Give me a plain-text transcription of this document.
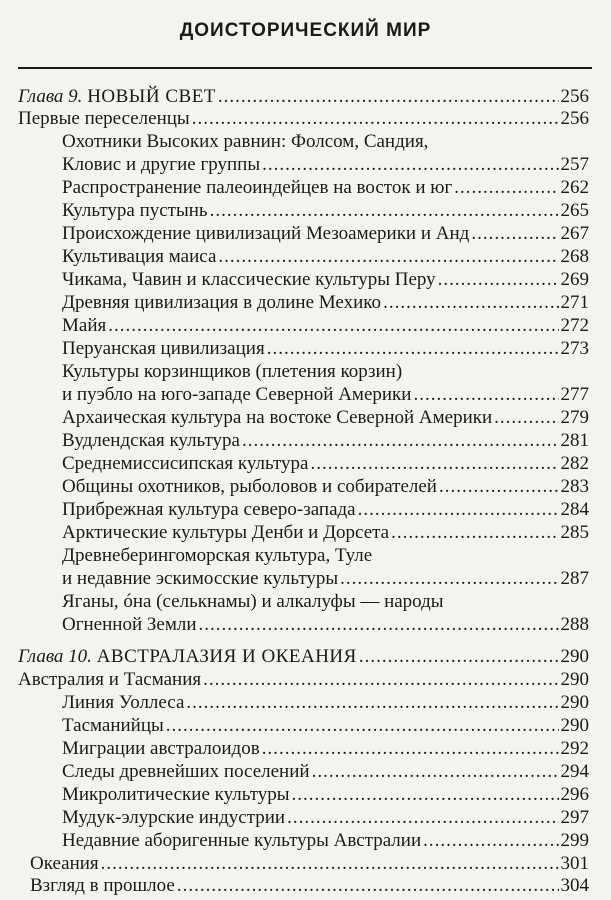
ДОИСТОРИЧЕСКИЙ МИР
Глава 9. НОВЫЙ СВЕТ .....	256
Первые переселенцы .....	256
Охотники Высоких равнин: Фолсом, Сандия,
Кловис и другие группы .....	257
Распространение палеоиндейцев на восток и юг .....	262
Культура пустынь .....	265
Происхождение цивилизаций Мезоамерики и Анд .....	267
Культивация маиса .....	268
Чикама, Чавин и классические культуры Перу .....	269
Древняя цивилизация в долине Мехико .....	271
Майя .....	272
Перуанская цивилизация .....	273
Культуры корзинщиков (плетения корзин)
и пуэбло на юго-западе Северной Америки .....	277
Архаическая культура на востоке Северной Америки .....	279
Вудлендская культура .....	281
Среднемиссисипская культура .....	282
Общины охотников, рыболовов и собирателей .....	283
Прибрежная культура северо-запада .....	284
Арктические культуры Денби и Дорсета .....	285
Древнеберингоморская культура, Туле
и недавние эскимосские культуры .....	287
Яганы, óна (селькнамы) и алкалуфы — народы
Огненной Земли .....	288
Глава 10. АВСТРАЛАЗИЯ И ОКЕАНИЯ .....	290
Австралия и Тасмания .....	290
Линия Уоллеса .....	290
Тасманийцы .....	290
Миграции австралоидов .....	292
Следы древнейших поселений .....	294
Микролитические культуры .....	296
Мудук-элурские индустрии .....	297
Недавние аборигенные культуры Австралии .....	299
Океания .....	301
Взгляд в прошлое .....	304
